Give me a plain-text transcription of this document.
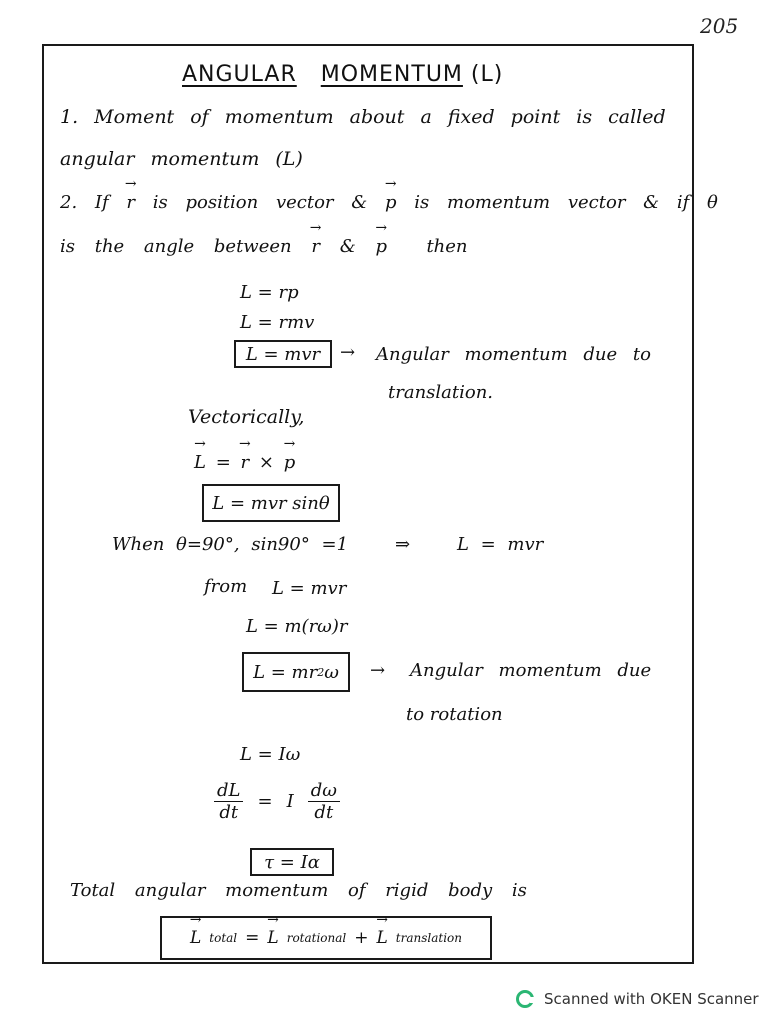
205
ANGULAR MOMENTUM (L)
1. Moment of momentum about a fixed point is called
angular momentum (L)
2. If → r is position vector & → p is momentum vector & if θ
is the angle between → r & → p then
L = rp
L = rmv
L = mvr	→ Angular momentum due to
translation.
Vectorically,
→ L = → r × → p
L = mvr sinθ
When θ=90°, sin90° =1	⇒	L = mvr
from L = mvr
L = m(rω)r
L = mr 2 ω → Angular momentum due
to rotation
L = Iω
$\frac{dL}{dt} = I \frac{d\omega}{dt}$
τ = Iα
Total angular momentum of rigid body is
→ L total = → L rotational + → L translation
Scanned with OKEN Scanner
